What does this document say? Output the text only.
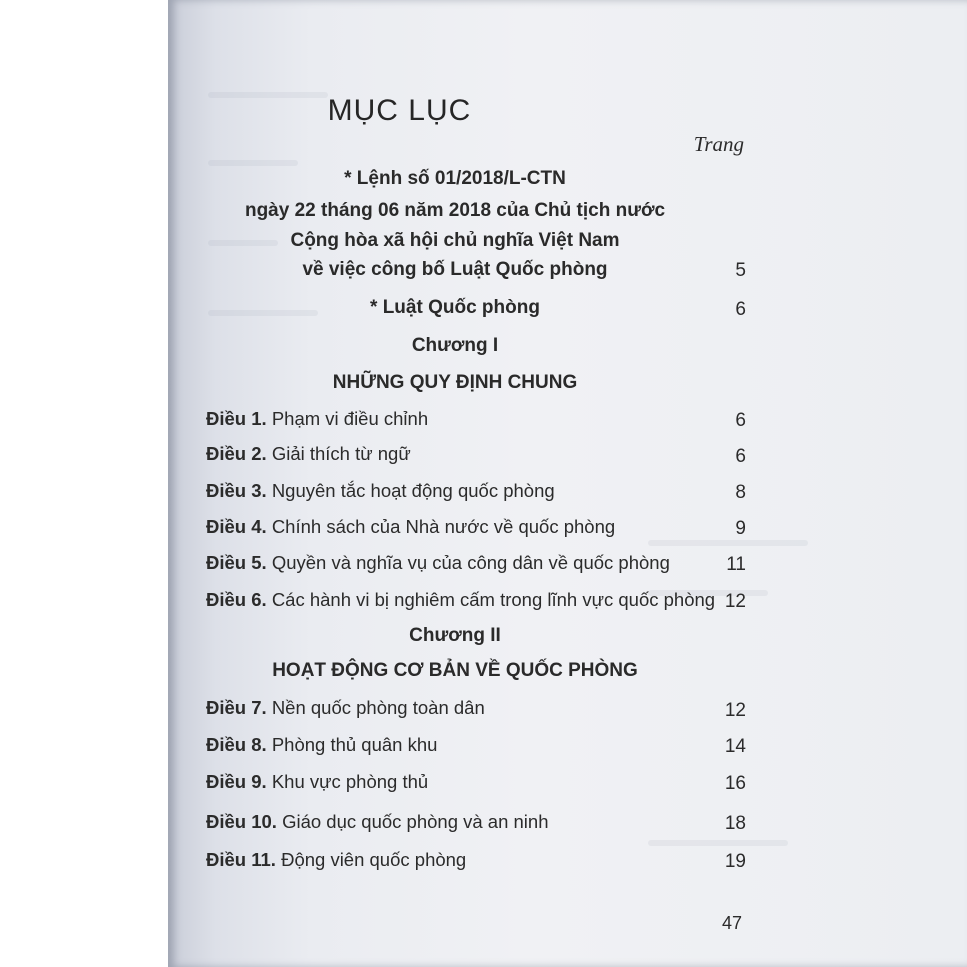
MỤC LỤC
Trang
* Lệnh số 01/2018/L-CTN
ngày 22 tháng 06 năm 2018 của Chủ tịch nước
Cộng hòa xã hội chủ nghĩa Việt Nam
về việc công bố Luật Quốc phòng	5
* Luật Quốc phòng	6
Chương I
NHỮNG QUY ĐỊNH CHUNG
Điều 1. Phạm vi điều chỉnh	6
Điều 2. Giải thích từ ngữ	6
Điều 3. Nguyên tắc hoạt động quốc phòng	8
Điều 4. Chính sách của Nhà nước về quốc phòng	9
Điều 5. Quyền và nghĩa vụ của công dân về quốc phòng	11
Điều 6. Các hành vi bị nghiêm cấm trong lĩnh vực quốc phòng 12
Chương II
HOẠT ĐỘNG CƠ BẢN VỀ QUỐC PHÒNG
Điều 7. Nền quốc phòng toàn dân	12
Điều 8. Phòng thủ quân khu	14
Điều 9. Khu vực phòng thủ	16
Điều 10. Giáo dục quốc phòng và an ninh	18
Điều 11. Động viên quốc phòng	19
47
